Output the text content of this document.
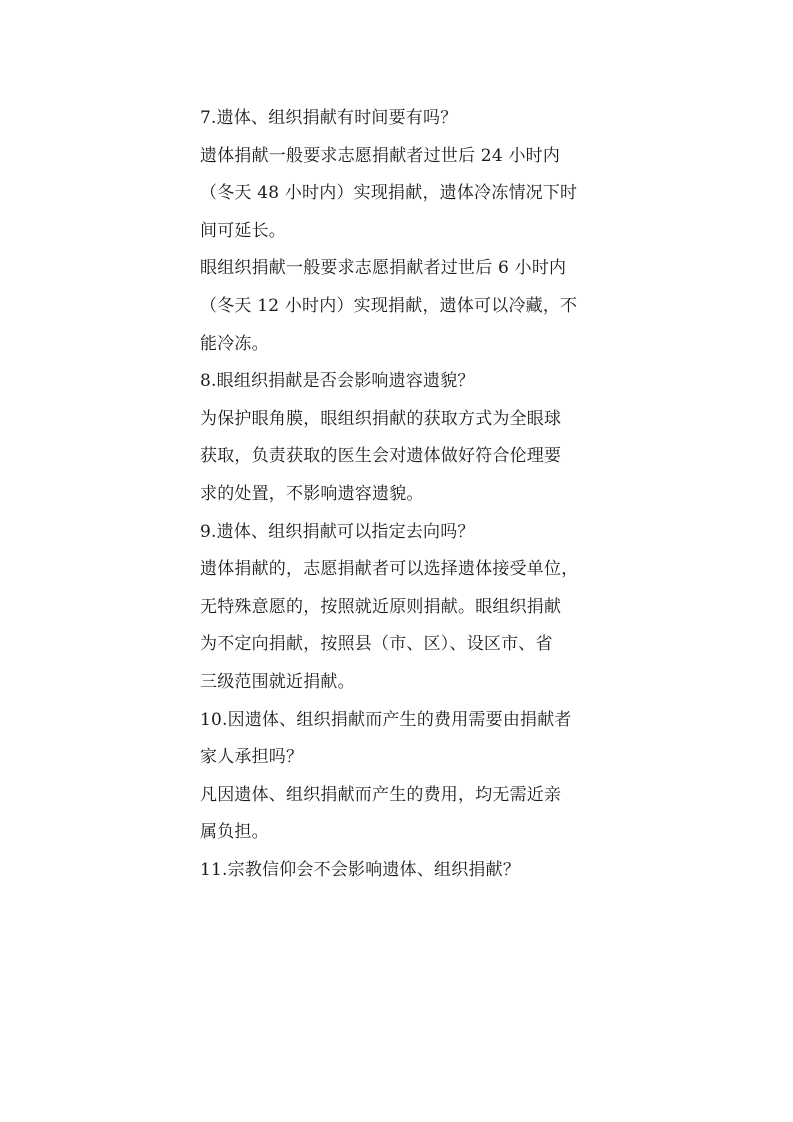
7.遗体、组织捐献有时间要有吗？

遗体捐献一般要求志愿捐献者过世后 24 小时内
（冬天 48 小时内）实现捐献，遗体冷冻情况下时
间可延长。

眼组织捐献一般要求志愿捐献者过世后 6 小时内
（冬天 12 小时内）实现捐献，遗体可以冷藏，不
能冷冻。

8.眼组织捐献是否会影响遗容遗貌？

为保护眼角膜，眼组织捐献的获取方式为全眼球
获取，负责获取的医生会对遗体做好符合伦理要
求的处置，不影响遗容遗貌。

9.遗体、组织捐献可以指定去向吗？

遗体捐献的，志愿捐献者可以选择遗体接受单位，
无特殊意愿的，按照就近原则捐献。眼组织捐献
为不定向捐献，按照县（市、区）、设区市、省
三级范围就近捐献。

10.因遗体、组织捐献而产生的费用需要由捐献者
家人承担吗？

凡因遗体、组织捐献而产生的费用，均无需近亲
属负担。

11.宗教信仰会不会影响遗体、组织捐献？
